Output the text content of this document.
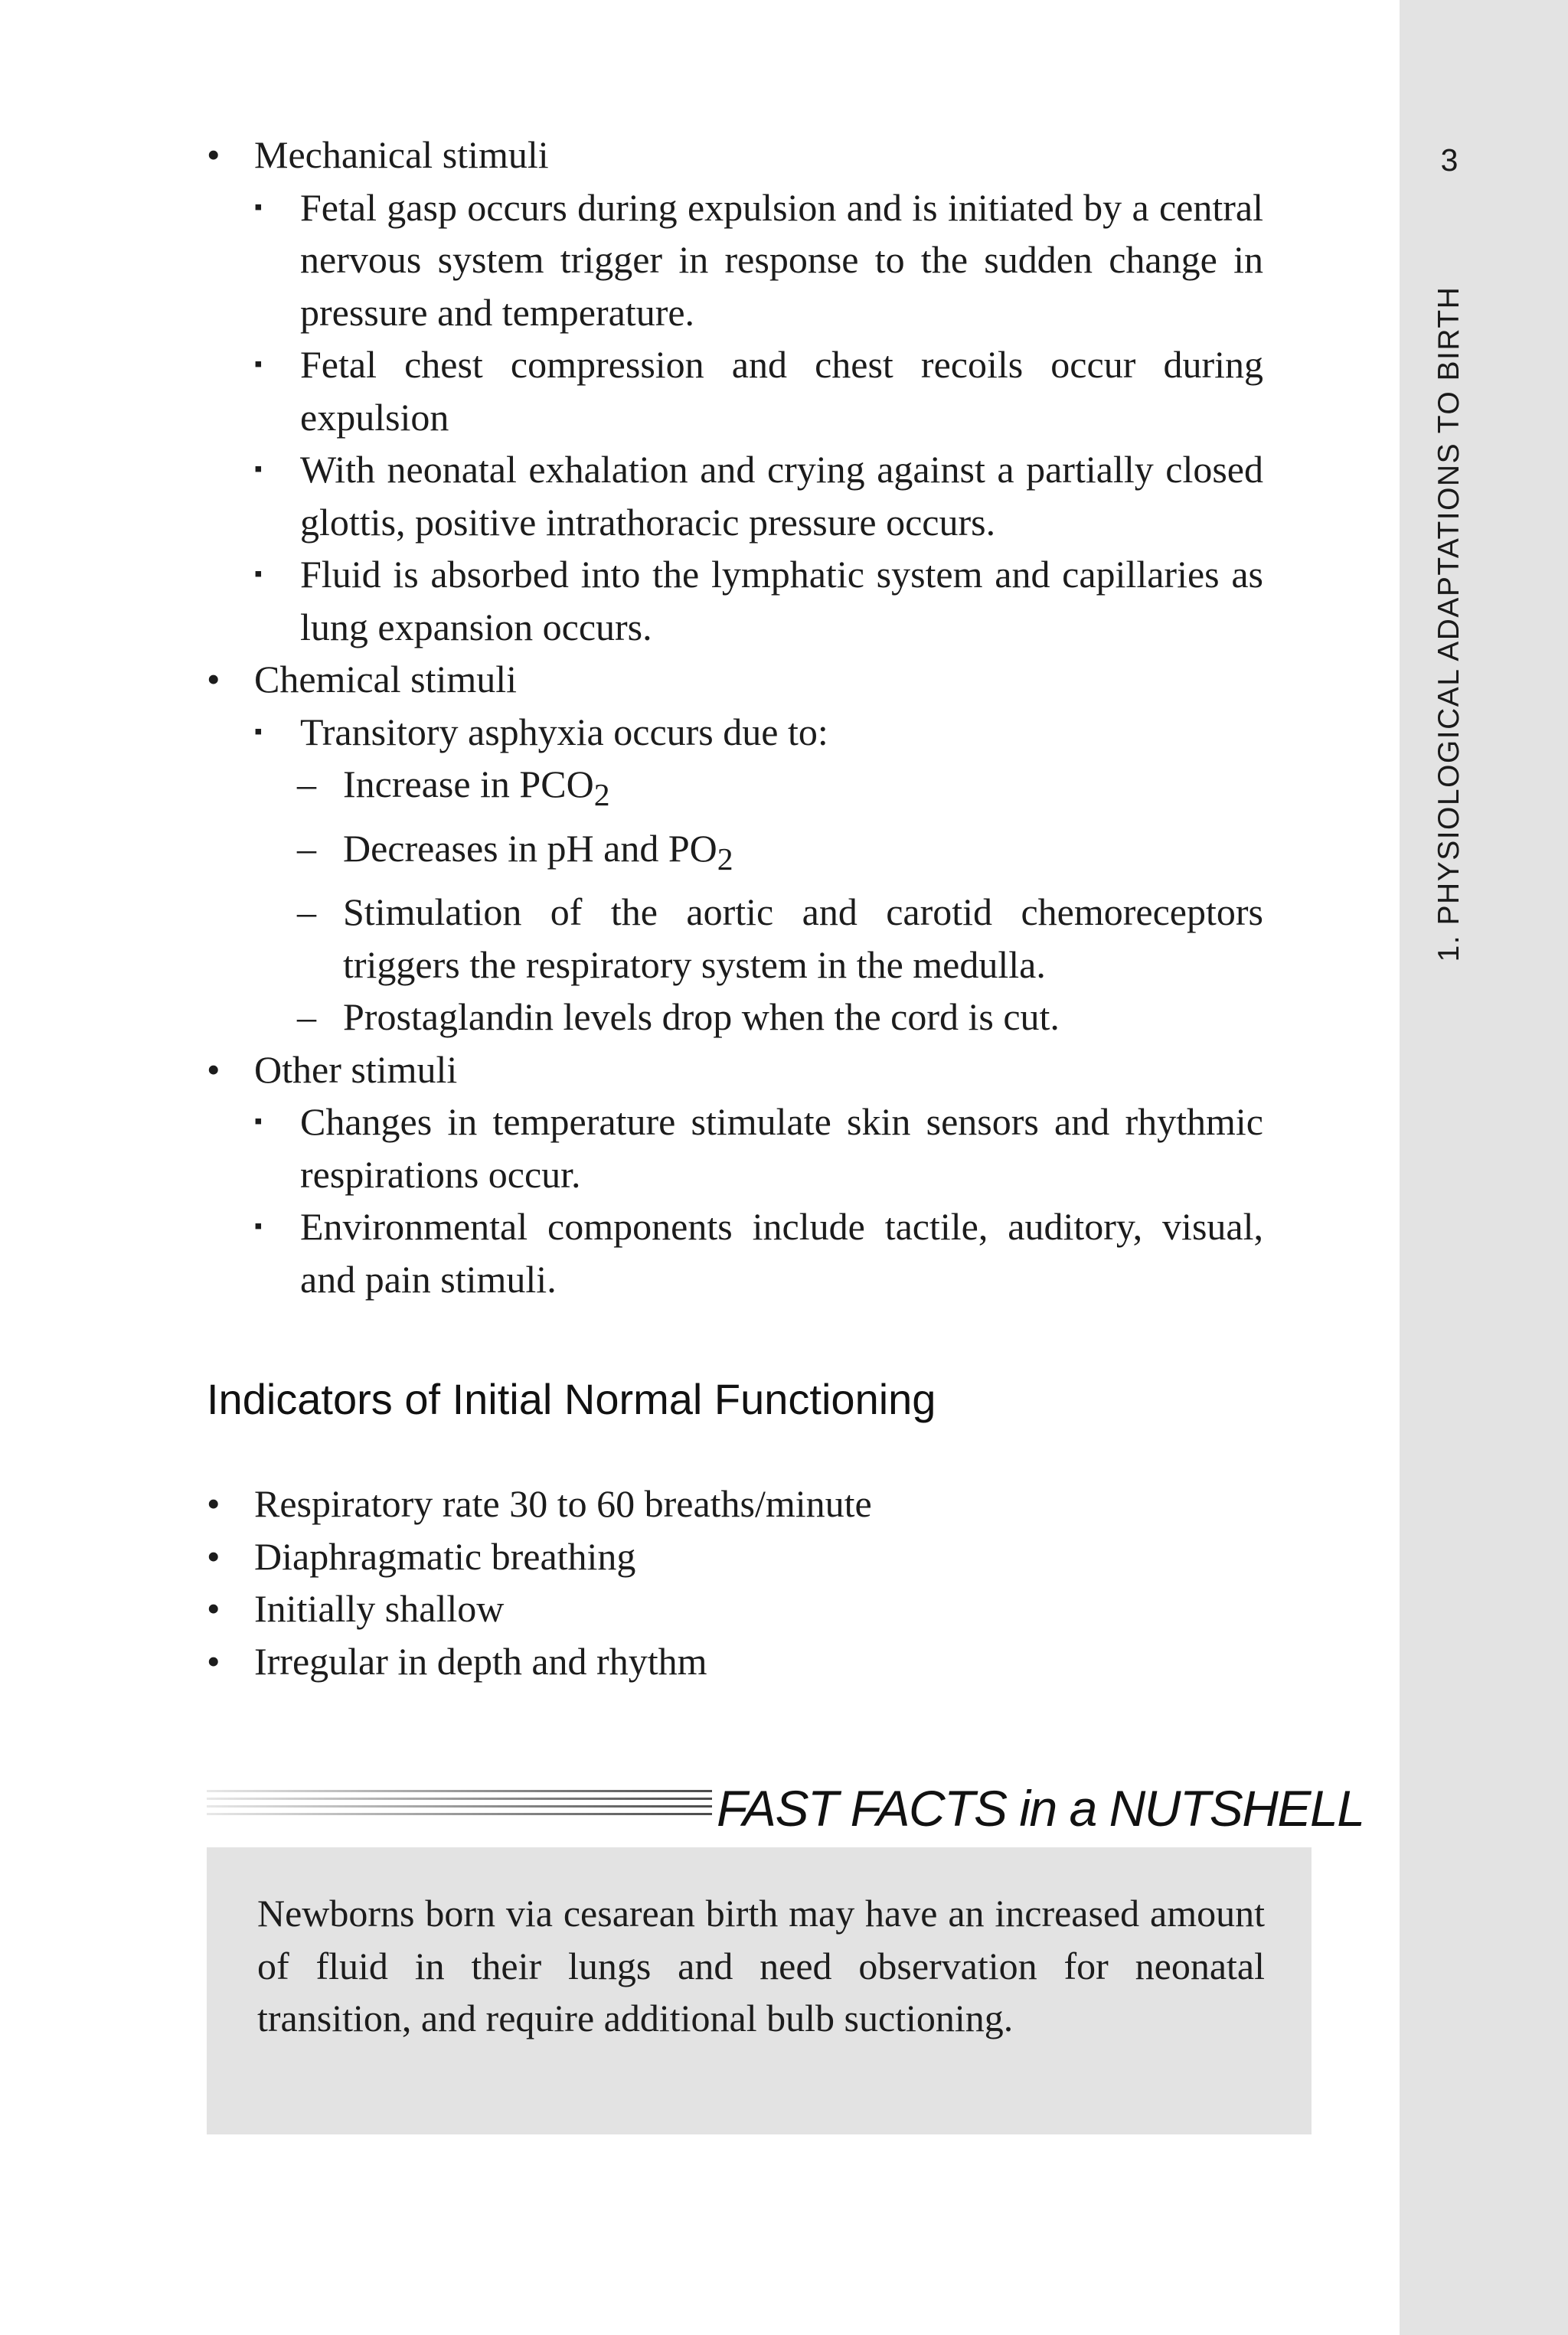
3
1. PHYSIOLOGICAL ADAPTATIONS TO BIRTH
• Mechanical stimuli
▪ Fetal gasp occurs during expulsion and is initiated by a central nervous system trigger in response to the sudden change in pressure and temperature.
▪ Fetal chest compression and chest recoils occur during expulsion
▪ With neonatal exhalation and crying against a partially closed glottis, positive intrathoracic pressure occurs.
▪ Fluid is absorbed into the lymphatic system and capillaries as lung expansion occurs.
• Chemical stimuli
▪ Transitory asphyxia occurs due to:
– Increase in $PCO_2$
– Decreases in pH and $PO_2$
– Stimulation of the aortic and carotid chemoreceptors triggers the respiratory system in the medulla.
– Prostaglandin levels drop when the cord is cut.
• Other stimuli
▪ Changes in temperature stimulate skin sensors and rhythmic respirations occur.
▪ Environmental components include tactile, auditory, visual, and pain stimuli.
Indicators of Initial Normal Functioning
• Respiratory rate 30 to 60 breaths/minute
• Diaphragmatic breathing
• Initially shallow
• Irregular in depth and rhythm
FAST FACTS in a NUTSHELL
Newborns born via cesarean birth may have an increased amount of fluid in their lungs and need observation for neonatal transition, and require additional bulb suctioning.
